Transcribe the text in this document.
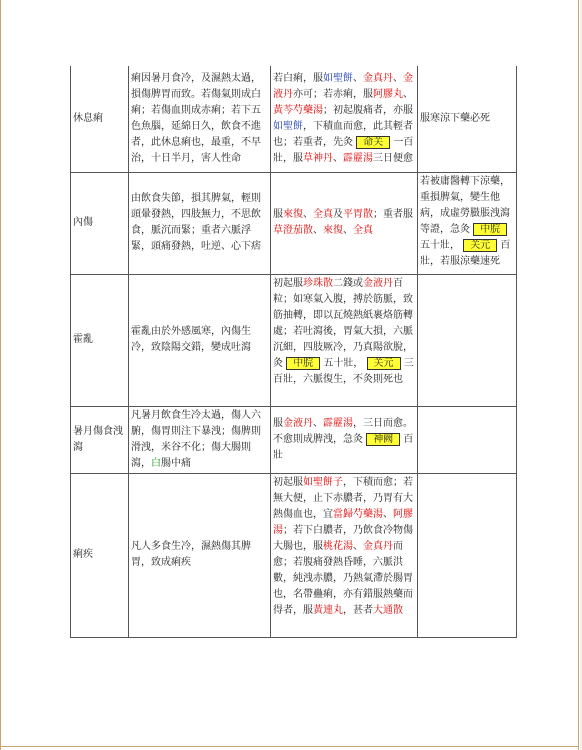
休息痢	痢因暑月食冷，及濕熱太過，損傷脾胃而致。若傷氣則成白痢；若傷血則成赤痢；若下五色魚腦，延綿日久，飲食不進者，此休息痢也，最重，不早治，十日半月，害人性命	若白痢，服如聖餅、金真丹、金液丹亦可；若赤痢，服阿膠丸、黃芩芍藥湯；初起腹痛者，亦服如聖餅，下積血而愈，此其輕者也；若重者，先灸 命关 一百壯，服草神丹、霹靂湯三日便愈	服寒涼下藥必死
內傷	由飲食失節，損其脾氣，輕則頭暈發熱，四肢無力，不思飲食，脈沉而緊；重者六脈浮緊，頭痛發熱，吐逆、心下痞	服來復、全真及平胃散；重者服草澄茄散、來復、全真	若被庸醫轉下涼藥，重損脾氣，變生他病，成虛勞臌脹洩瀉等證，急灸 中脘 五十壯， 关元 百壯，若服涼藥速死
霍亂	霍亂由於外感風寒，內傷生冷，致陰陽交錯，變成吐瀉	初起服珍珠散二錢或金液丹百粒；如寒氣入腹，搏於筋脈，致筋抽轉，即以瓦燒熱紙裹烙筋轉處；若吐瀉後，胃氣大損，六脈沉細，四肢厥冷，乃真陽欲脫，灸 中脘 五十壯， 关元 三百壯，六脈復生，不灸則死也	
暑月傷食洩瀉	凡暑月飲食生冷太過，傷人六腑，傷胃則注下暴洩；傷脾則滑洩，米谷不化；傷大腸則瀉，白腸中痛	服金液丹、霹靂湯，三日而愈。不愈則成脾洩，急灸 神阙 百壯	
痢疾	凡人多食生冷，濕熱傷其脾胃，致成痢疾	初起服如聖餅子，下積而愈；若無大便，止下赤膿者，乃胃有大熱傷血也，宜當歸芍藥湯、阿膠湯；若下白膿者，乃飲食冷物傷大腸也，服桃花湯、金真丹而愈；若腹痛發熱昏睡，六脈洪數，純洩赤膿，乃熱氣滯於腸胃也，名帶蠱痢，亦有錯服熱藥而得者，服黃連丸，甚者大通散	
